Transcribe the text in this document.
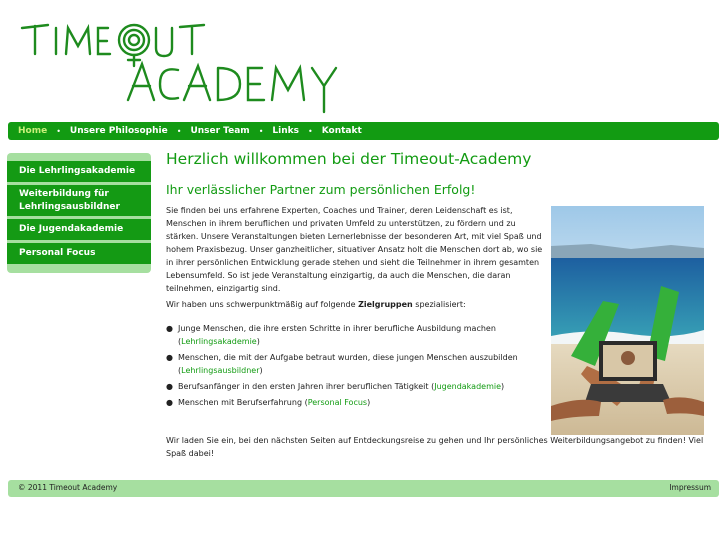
Home • Unsere Philosophie • Unser Team • Links • Kontakt
Die Lehrlingsakademie
Weiterbildung für Lehrlingsausbildner
Die Jugendakademie
Personal Focus
Herzlich willkommen bei der Timeout-Academy
Ihr verlässlicher Partner zum persönlichen Erfolg!

Sie finden bei uns erfahrene Experten, Coaches und Trainer, deren Leidenschaft es ist, Menschen in ihrem beruflichen und privaten Umfeld zu unterstützen, zu fördern und zu stärken. Unsere Veranstaltungen bieten Lernerlebnisse der besonderen Art, mit viel Spaß und hohem Praxisbezug. Unser ganzheitlicher, situativer Ansatz holt die Menschen dort ab, wo sie in ihrer persönlichen Entwicklung gerade stehen und sieht die Teilnehmer in ihrem gesamten Lebensumfeld. So ist jede Veranstaltung einzigartig, da auch die Menschen, die daran teilnehmen, einzigartig sind.

Wir haben uns schwerpunktmäßig auf folgende Zielgruppen spezialisiert:

● Junge Menschen, die ihre ersten Schritte in ihrer berufliche Ausbildung machen (Lehrlingsakademie)
● Menschen, die mit der Aufgabe betraut wurden, diese jungen Menschen auszubilden (Lehrlingsausbildner)
● Berufsanfänger in den ersten Jahren ihrer beruflichen Tätigkeit (Jugendakademie)
● Menschen mit Berufserfahrung (Personal Focus)

Wir laden Sie ein, bei den nächsten Seiten auf Entdeckungsreise zu gehen und Ihr persönliches Weiterbildungsangebot zu finden! Viel Spaß dabei!

© 2011 Timeout Academy	Impressum
